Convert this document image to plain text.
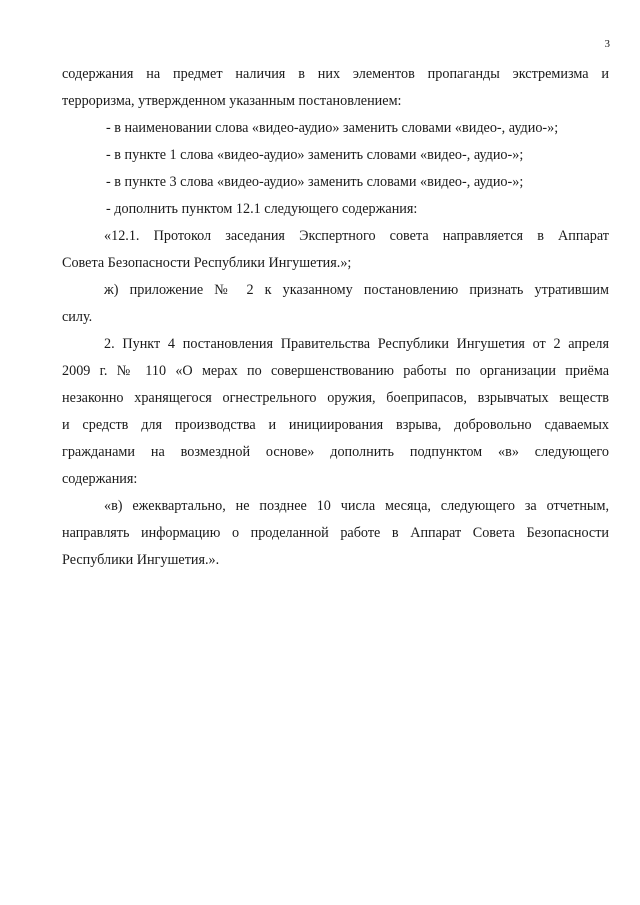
3
содержания на предмет наличия в них элементов пропаганды экстремизма и
терроризма, утвержденном указанным постановлением:
- в наименовании слова «видео-аудио» заменить словами «видео-, аудио-»;
- в пункте 1 слова «видео-аудио» заменить словами «видео-, аудио-»;
- в пункте 3 слова «видео-аудио» заменить словами «видео-, аудио-»;
- дополнить пунктом 12.1 следующего содержания:
«12.1. Протокол заседания Экспертного совета направляется в Аппарат
Совета Безопасности Республики Ингушетия.»;
ж) приложение № 2 к указанному постановлению признать утратившим
силу.
2. Пункт 4 постановления Правительства Республики Ингушетия от 2 апреля
2009 г. № 110 «О мерах по совершенствованию работы по организации приёма
незаконно хранящегося огнестрельного оружия, боеприпасов, взрывчатых веществ
и средств для производства и инициирования взрыва, добровольно сдаваемых
гражданами на возмездной основе» дополнить подпунктом «в» следующего
содержания:
«в) ежеквартально, не позднее 10 числа месяца, следующего за отчетным,
направлять информацию о проделанной работе в Аппарат Совета Безопасности
Республики Ингушетия.».
